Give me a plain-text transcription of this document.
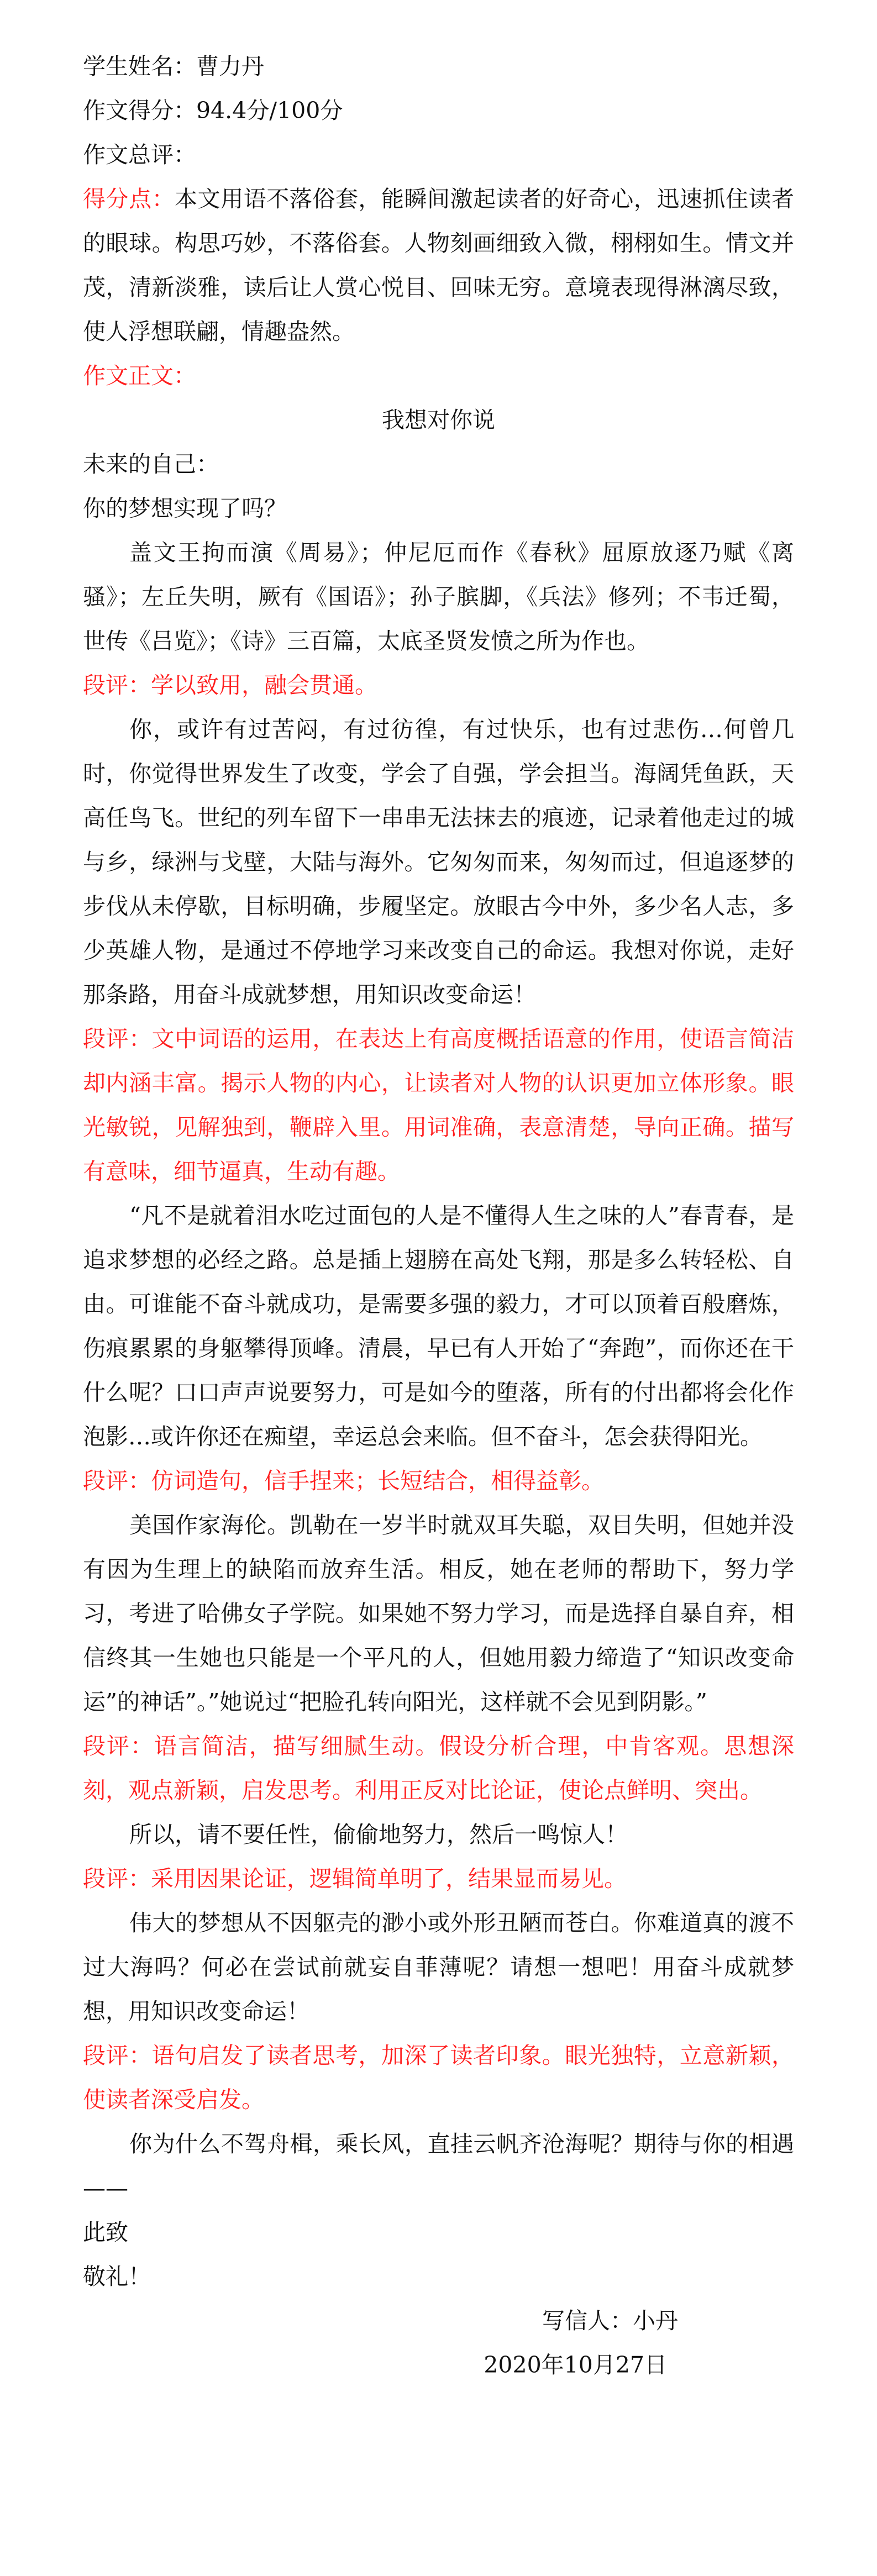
学生姓名：曹力丹

作文得分：94.4分/100分

作文总评：

得分点：本文用语不落俗套，能瞬间激起读者的好奇心，迅速抓住读者的眼球。构思巧妙，不落俗套。人物刻画细致入微，栩栩如生。情文并茂，清新淡雅，读后让人赏心悦目、回味无穷。意境表现得淋漓尽致，使人浮想联翩，情趣盎然。

作文正文：

我想对你说

未来的自己：

你的梦想实现了吗？

盖文王拘而演《周易》；仲尼厄而作《春秋》屈原放逐乃赋《离骚》；左丘失明，厥有《国语》；孙子膑脚，《兵法》修列；不韦迁蜀，世传《吕览》；《诗》三百篇，太底圣贤发愤之所为作也。

段评：学以致用，融会贯通。

你，或许有过苦闷，有过彷徨，有过快乐，也有过悲伤…何曾几时，你觉得世界发生了改变，学会了自强，学会担当。海阔凭鱼跃，天高任鸟飞。世纪的列车留下一串串无法抹去的痕迹，记录着他走过的城与乡，绿洲与戈壁，大陆与海外。它匆匆而来，匆匆而过，但追逐梦的步伐从未停歇，目标明确，步履坚定。放眼古今中外，多少名人志，多少英雄人物，是通过不停地学习来改变自己的命运。我想对你说，走好那条路，用奋斗成就梦想，用知识改变命运！

段评：文中词语的运用，在表达上有高度概括语意的作用，使语言简洁却内涵丰富。揭示人物的内心，让读者对人物的认识更加立体形象。眼光敏锐，见解独到，鞭辟入里。用词准确，表意清楚，导向正确。描写有意味，细节逼真，生动有趣。

“凡不是就着泪水吃过面包的人是不懂得人生之味的人”春青春，是追求梦想的必经之路。总是插上翅膀在高处飞翔，那是多么转轻松、自由。可谁能不奋斗就成功，是需要多强的毅力，才可以顶着百般磨炼，伤痕累累的身躯攀得顶峰。清晨，早已有人开始了“奔跑”，而你还在干什么呢？口口声声说要努力，可是如今的堕落，所有的付出都将会化作泡影…或许你还在痴望，幸运总会来临。但不奋斗，怎会获得阳光。

段评：仿词造句，信手捏来；长短结合，相得益彰。

美国作家海伦。凯勒在一岁半时就双耳失聪，双目失明，但她并没有因为生理上的缺陷而放弃生活。相反，她在老师的帮助下，努力学习，考进了哈佛女子学院。如果她不努力学习，而是选择自暴自弃，相信终其一生她也只能是一个平凡的人，但她用毅力缔造了“知识改变命运”的神话”。”她说过“把脸孔转向阳光，这样就不会见到阴影。”

段评：语言简洁，描写细腻生动。假设分析合理，中肯客观。思想深刻，观点新颖，启发思考。利用正反对比论证，使论点鲜明、突出。

所以，请不要任性，偷偷地努力，然后一鸣惊人！

段评：采用因果论证，逻辑简单明了，结果显而易见。

伟大的梦想从不因躯壳的渺小或外形丑陋而苍白。你难道真的渡不过大海吗？何必在尝试前就妄自菲薄呢？请想一想吧！用奋斗成就梦想，用知识改变命运！

段评：语句启发了读者思考，加深了读者印象。眼光独特，立意新颖，使读者深受启发。

你为什么不驾舟楫，乘长风，直挂云帆齐沧海呢？期待与你的相遇——

此致

敬礼！

写信人：小丹

2020年10月27日
